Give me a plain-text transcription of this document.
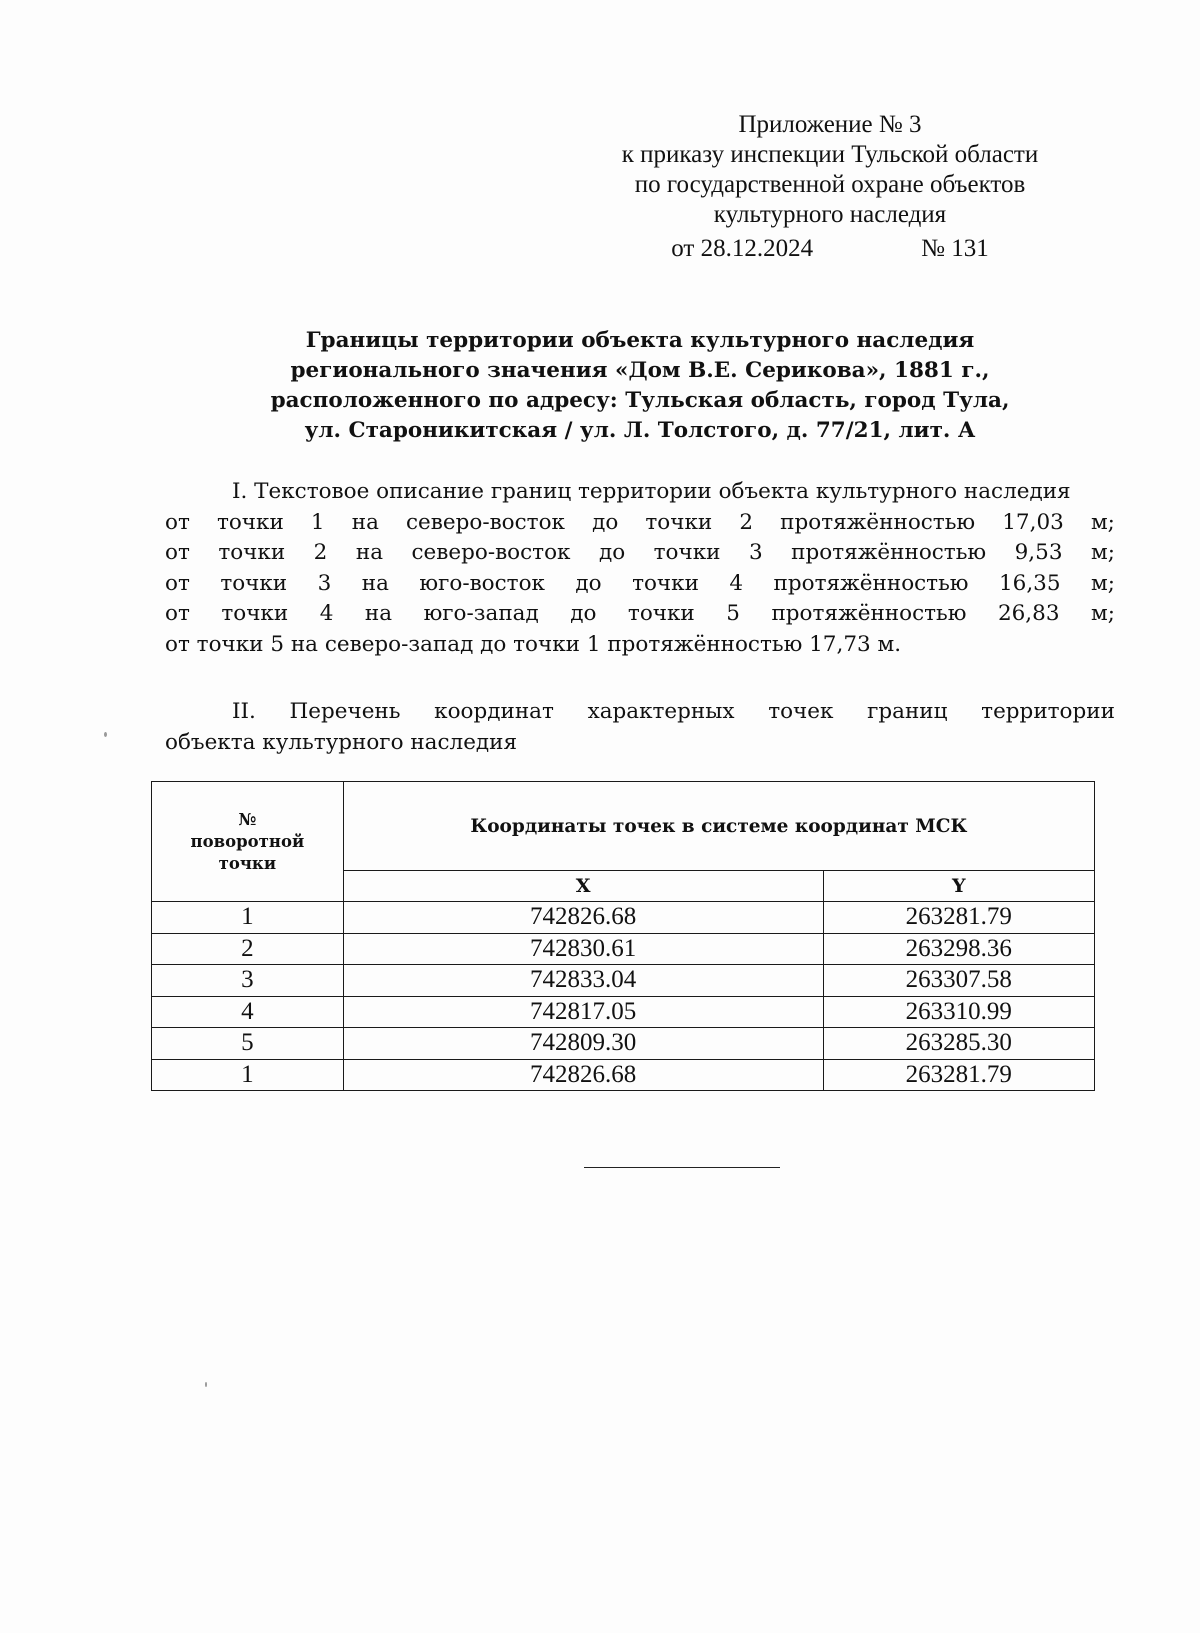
Приложение № 3
к приказу инспекции Тульской области
по государственной охране объектов
культурного наследия
от 28.12.2024	№ 131
Границы территории объекта культурного наследия
регионального значения «Дом В.Е. Серикова», 1881 г.,
расположенного по адресу: Тульская область, город Тула,
ул. Староникитская / ул. Л. Толстого, д. 77/21, лит. А
I. Текстовое описание границ территории объекта культурного наследия
от точки 1 на северо-восток до точки 2 протяжённостью 17,03 м;
от точки 2 на северо-восток до точки 3 протяжённостью 9,53 м;
от точки 3 на юго-восток до точки 4 протяжённостью 16,35 м;
от точки 4 на юго-запад до точки 5 протяжённостью 26,83 м;
от точки 5 на северо-запад до точки 1 протяжённостью 17,73 м.
II. Перечень координат характерных точек границ территории
объекта культурного наследия
№
поворотной
точки	Координаты точек в системе координат МСК	
	X	Y
1	742826.68	263281.79
2	742830.61	263298.36
3	742833.04	263307.58
4	742817.05	263310.99
5	742809.30	263285.30
1	742826.68	263281.79
